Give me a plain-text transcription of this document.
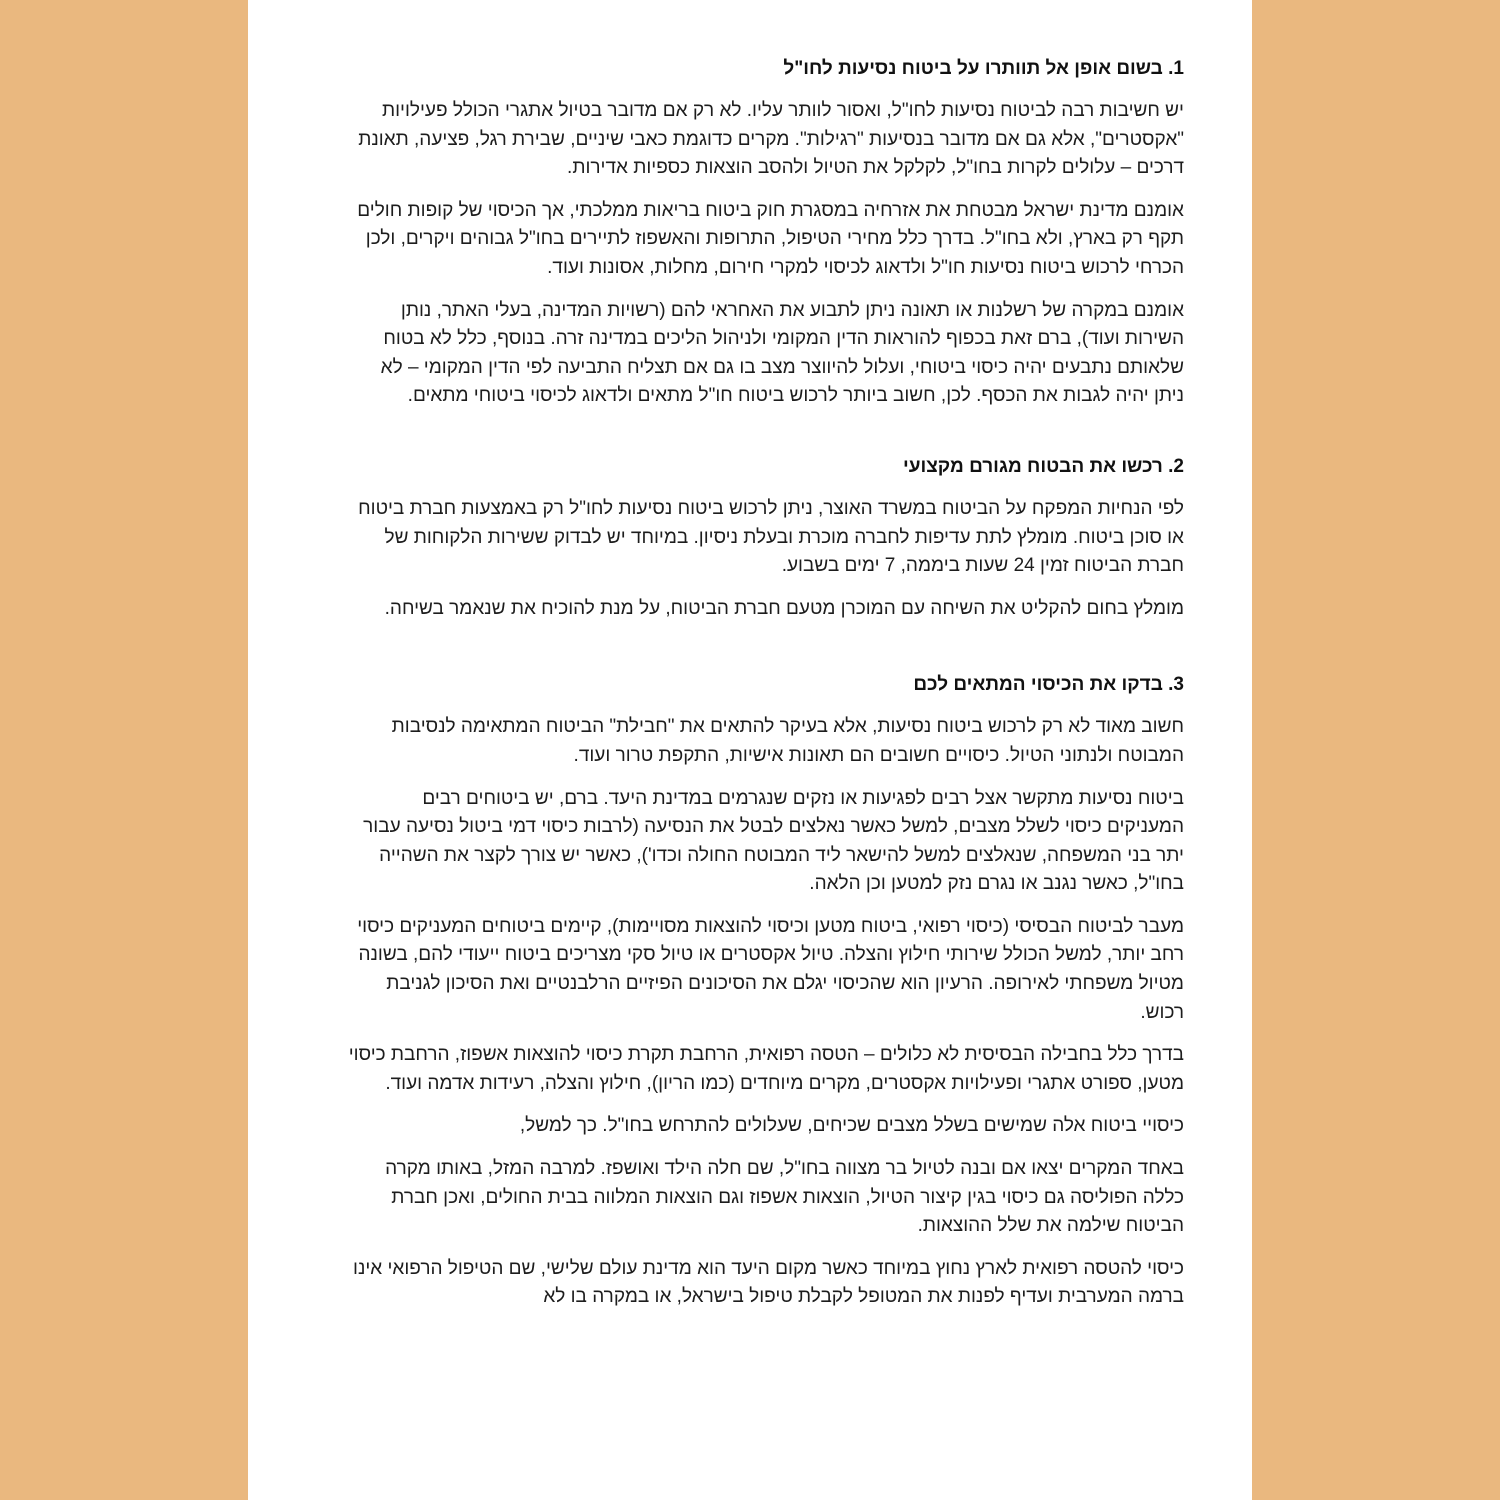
1. בשום אופן אל תוותרו על ביטוח נסיעות לחו"ל

יש חשיבות רבה לביטוח נסיעות לחו"ל, ואסור לוותר עליו. לא רק אם מדובר בטיול אתגרי הכולל פעילויות "אקסטרים", אלא גם אם מדובר בנסיעות "רגילות". מקרים כדוגמת כאבי שיניים, שבירת רגל, פציעה, תאונת דרכים – עלולים לקרות בחו"ל, לקלקל את הטיול ולהסב הוצאות כספיות אדירות.

אומנם מדינת ישראל מבטחת את אזרחיה במסגרת חוק ביטוח בריאות ממלכתי, אך הכיסוי של קופות חולים תקף רק בארץ, ולא בחו"ל. בדרך כלל מחירי הטיפול, התרופות והאשפוז לתיירים בחו"ל גבוהים ויקרים, ולכן הכרחי לרכוש ביטוח נסיעות חו"ל ולדאוג לכיסוי למקרי חירום, מחלות, אסונות ועוד.

אומנם במקרה של רשלנות או תאונה ניתן לתבוע את האחראי להם (רשויות המדינה, בעלי האתר, נותן השירות ועוד), ברם זאת בכפוף להוראות הדין המקומי ולניהול הליכים במדינה זרה. בנוסף, כלל לא בטוח שלאותם נתבעים יהיה כיסוי ביטוחי, ועלול להיווצר מצב בו גם אם תצליח התביעה לפי הדין המקומי – לא ניתן יהיה לגבות את הכסף. לכן, חשוב ביותר לרכוש ביטוח חו"ל מתאים ולדאוג לכיסוי ביטוחי מתאים.

2. רכשו את הבטוח מגורם מקצועי

לפי הנחיות המפקח על הביטוח במשרד האוצר, ניתן לרכוש ביטוח נסיעות לחו"ל רק באמצעות חברת ביטוח או סוכן ביטוח. מומלץ לתת עדיפות לחברה מוכרת ובעלת ניסיון. במיוחד יש לבדוק ששירות הלקוחות של חברת הביטוח זמין 24 שעות ביממה, 7 ימים בשבוע.

מומלץ בחום להקליט את השיחה עם המוכרן מטעם חברת הביטוח, על מנת להוכיח את שנאמר בשיחה.

3. בדקו את הכיסוי המתאים לכם

חשוב מאוד לא רק לרכוש ביטוח נסיעות, אלא בעיקר להתאים את "חבילת" הביטוח המתאימה לנסיבות המבוטח ולנתוני הטיול. כיסויים חשובים הם תאונות אישיות, התקפת טרור ועוד.

ביטוח נסיעות מתקשר אצל רבים לפגיעות או נזקים שנגרמים במדינת היעד. ברם, יש ביטוחים רבים המעניקים כיסוי לשלל מצבים, למשל כאשר נאלצים לבטל את הנסיעה (לרבות כיסוי דמי ביטול נסיעה עבור יתר בני המשפחה, שנאלצים למשל להישאר ליד המבוטח החולה וכדו'), כאשר יש צורך לקצר את השהייה בחו"ל, כאשר נגנב או נגרם נזק למטען וכן הלאה.

מעבר לביטוח הבסיסי (כיסוי רפואי, ביטוח מטען וכיסוי להוצאות מסויימות), קיימים ביטוחים המעניקים כיסוי רחב יותר, למשל הכולל שירותי חילוץ והצלה. טיול אקסטרים או טיול סקי מצריכים ביטוח ייעודי להם, בשונה מטיול משפחתי לאירופה. הרעיון הוא שהכיסוי יגלם את הסיכונים הפיזיים הרלבנטיים ואת הסיכון לגניבת רכוש.

בדרך כלל בחבילה הבסיסית לא כלולים – הטסה רפואית, הרחבת תקרת כיסוי להוצאות אשפוז, הרחבת כיסוי מטען, ספורט אתגרי ופעילויות אקסטרים, מקרים מיוחדים (כמו הריון), חילוץ והצלה, רעידות אדמה ועוד.

כיסויי ביטוח אלה שמישים בשלל מצבים שכיחים, שעלולים להתרחש בחו"ל. כך למשל,

באחד המקרים יצאו אם ובנה לטיול בר מצווה בחו"ל, שם חלה הילד ואושפז. למרבה המזל, באותו מקרה כללה הפוליסה גם כיסוי בגין קיצור הטיול, הוצאות אשפוז וגם הוצאות המלווה בבית החולים, ואכן חברת הביטוח שילמה את שלל ההוצאות.

כיסוי להטסה רפואית לארץ נחוץ במיוחד כאשר מקום היעד הוא מדינת עולם שלישי, שם הטיפול הרפואי אינו ברמה המערבית ועדיף לפנות את המטופל לקבלת טיפול בישראל, או במקרה בו לא
